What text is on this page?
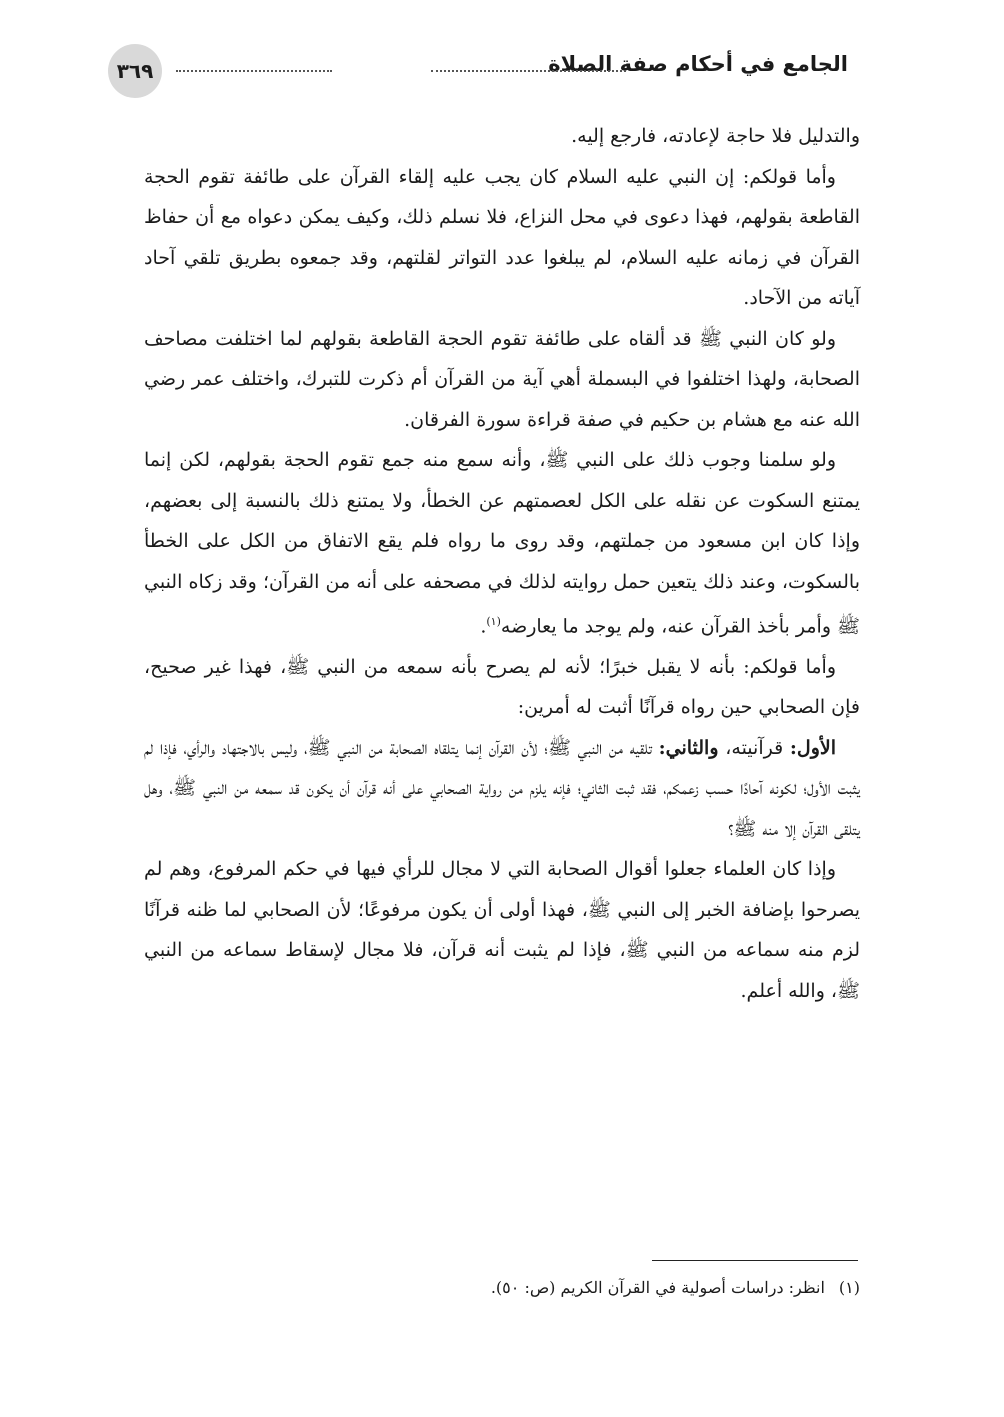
الجامع في أحكام صفة الصلاة
٣٦٩

والتدليل فلا حاجة لإعادته، فارجع إليه.

وأما قولكم: إن النبي عليه السلام كان يجب عليه إلقاء القرآن على طائفة تقوم الحجة القاطعة بقولهم، فهذا دعوى في محل النزاع، فلا نسلم ذلك، وكيف يمكن دعواه مع أن حفاظ القرآن في زمانه عليه السلام، لم يبلغوا عدد التواتر لقلتهم، وقد جمعوه بطريق تلقي آحاد آياته من الآحاد.

ولو كان النبي ﷺ قد ألقاه على طائفة تقوم الحجة القاطعة بقولهم لما اختلفت مصاحف الصحابة، ولهذا اختلفوا في البسملة أهي آية من القرآن أم ذكرت للتبرك، واختلف عمر رضي الله عنه مع هشام بن حكيم في صفة قراءة سورة الفرقان.

ولو سلمنا وجوب ذلك على النبي ﷺ، وأنه سمع منه جمع تقوم الحجة بقولهم، لكن إنما يمتنع السكوت عن نقله على الكل لعصمتهم عن الخطأ، ولا يمتنع ذلك بالنسبة إلى بعضهم، وإذا كان ابن مسعود من جملتهم، وقد روى ما رواه فلم يقع الاتفاق من الكل على الخطأ بالسكوت، وعند ذلك يتعين حمل روايته لذلك في مصحفه على أنه من القرآن؛ وقد زكاه النبي ﷺ وأمر بأخذ القرآن عنه، ولم يوجد ما يعارضه$^{(١)}$.

وأما قولكم: بأنه لا يقبل خبرًا؛ لأنه لم يصرح بأنه سمعه من النبي ﷺ، فهذا غير صحيح، فإن الصحابي حين رواه قرآنًا أثبت له أمرين:

الأول: قرآنيته، والثاني: تلقيه من النبي ﷺ؛ لأن القرآن إنما يتلقاه الصحابة من النبي ﷺ، وليس بالاجتهاد والرأي، فإذا لم يثبت الأول؛ لكونه آحادًا حسب زعمكم، فقد ثبت الثاني؛ فإنه يلزم من رواية الصحابي على أنه قرآن أن يكون قد سمعه من النبي ﷺ، وهل يتلقى القرآن إلا منه ﷺ؟

وإذا كان العلماء جعلوا أقوال الصحابة التي لا مجال للرأي فيها في حكم المرفوع، وهم لم يصرحوا بإضافة الخبر إلى النبي ﷺ، فهذا أولى أن يكون مرفوعًا؛ لأن الصحابي لما ظنه قرآنًا لزم منه سماعه من النبي ﷺ، فإذا لم يثبت أنه قرآن، فلا مجال لإسقاط سماعه من النبي ﷺ، والله أعلم.

(١)انظر: دراسات أصولية في القرآن الكريم (ص: ٥٠).
